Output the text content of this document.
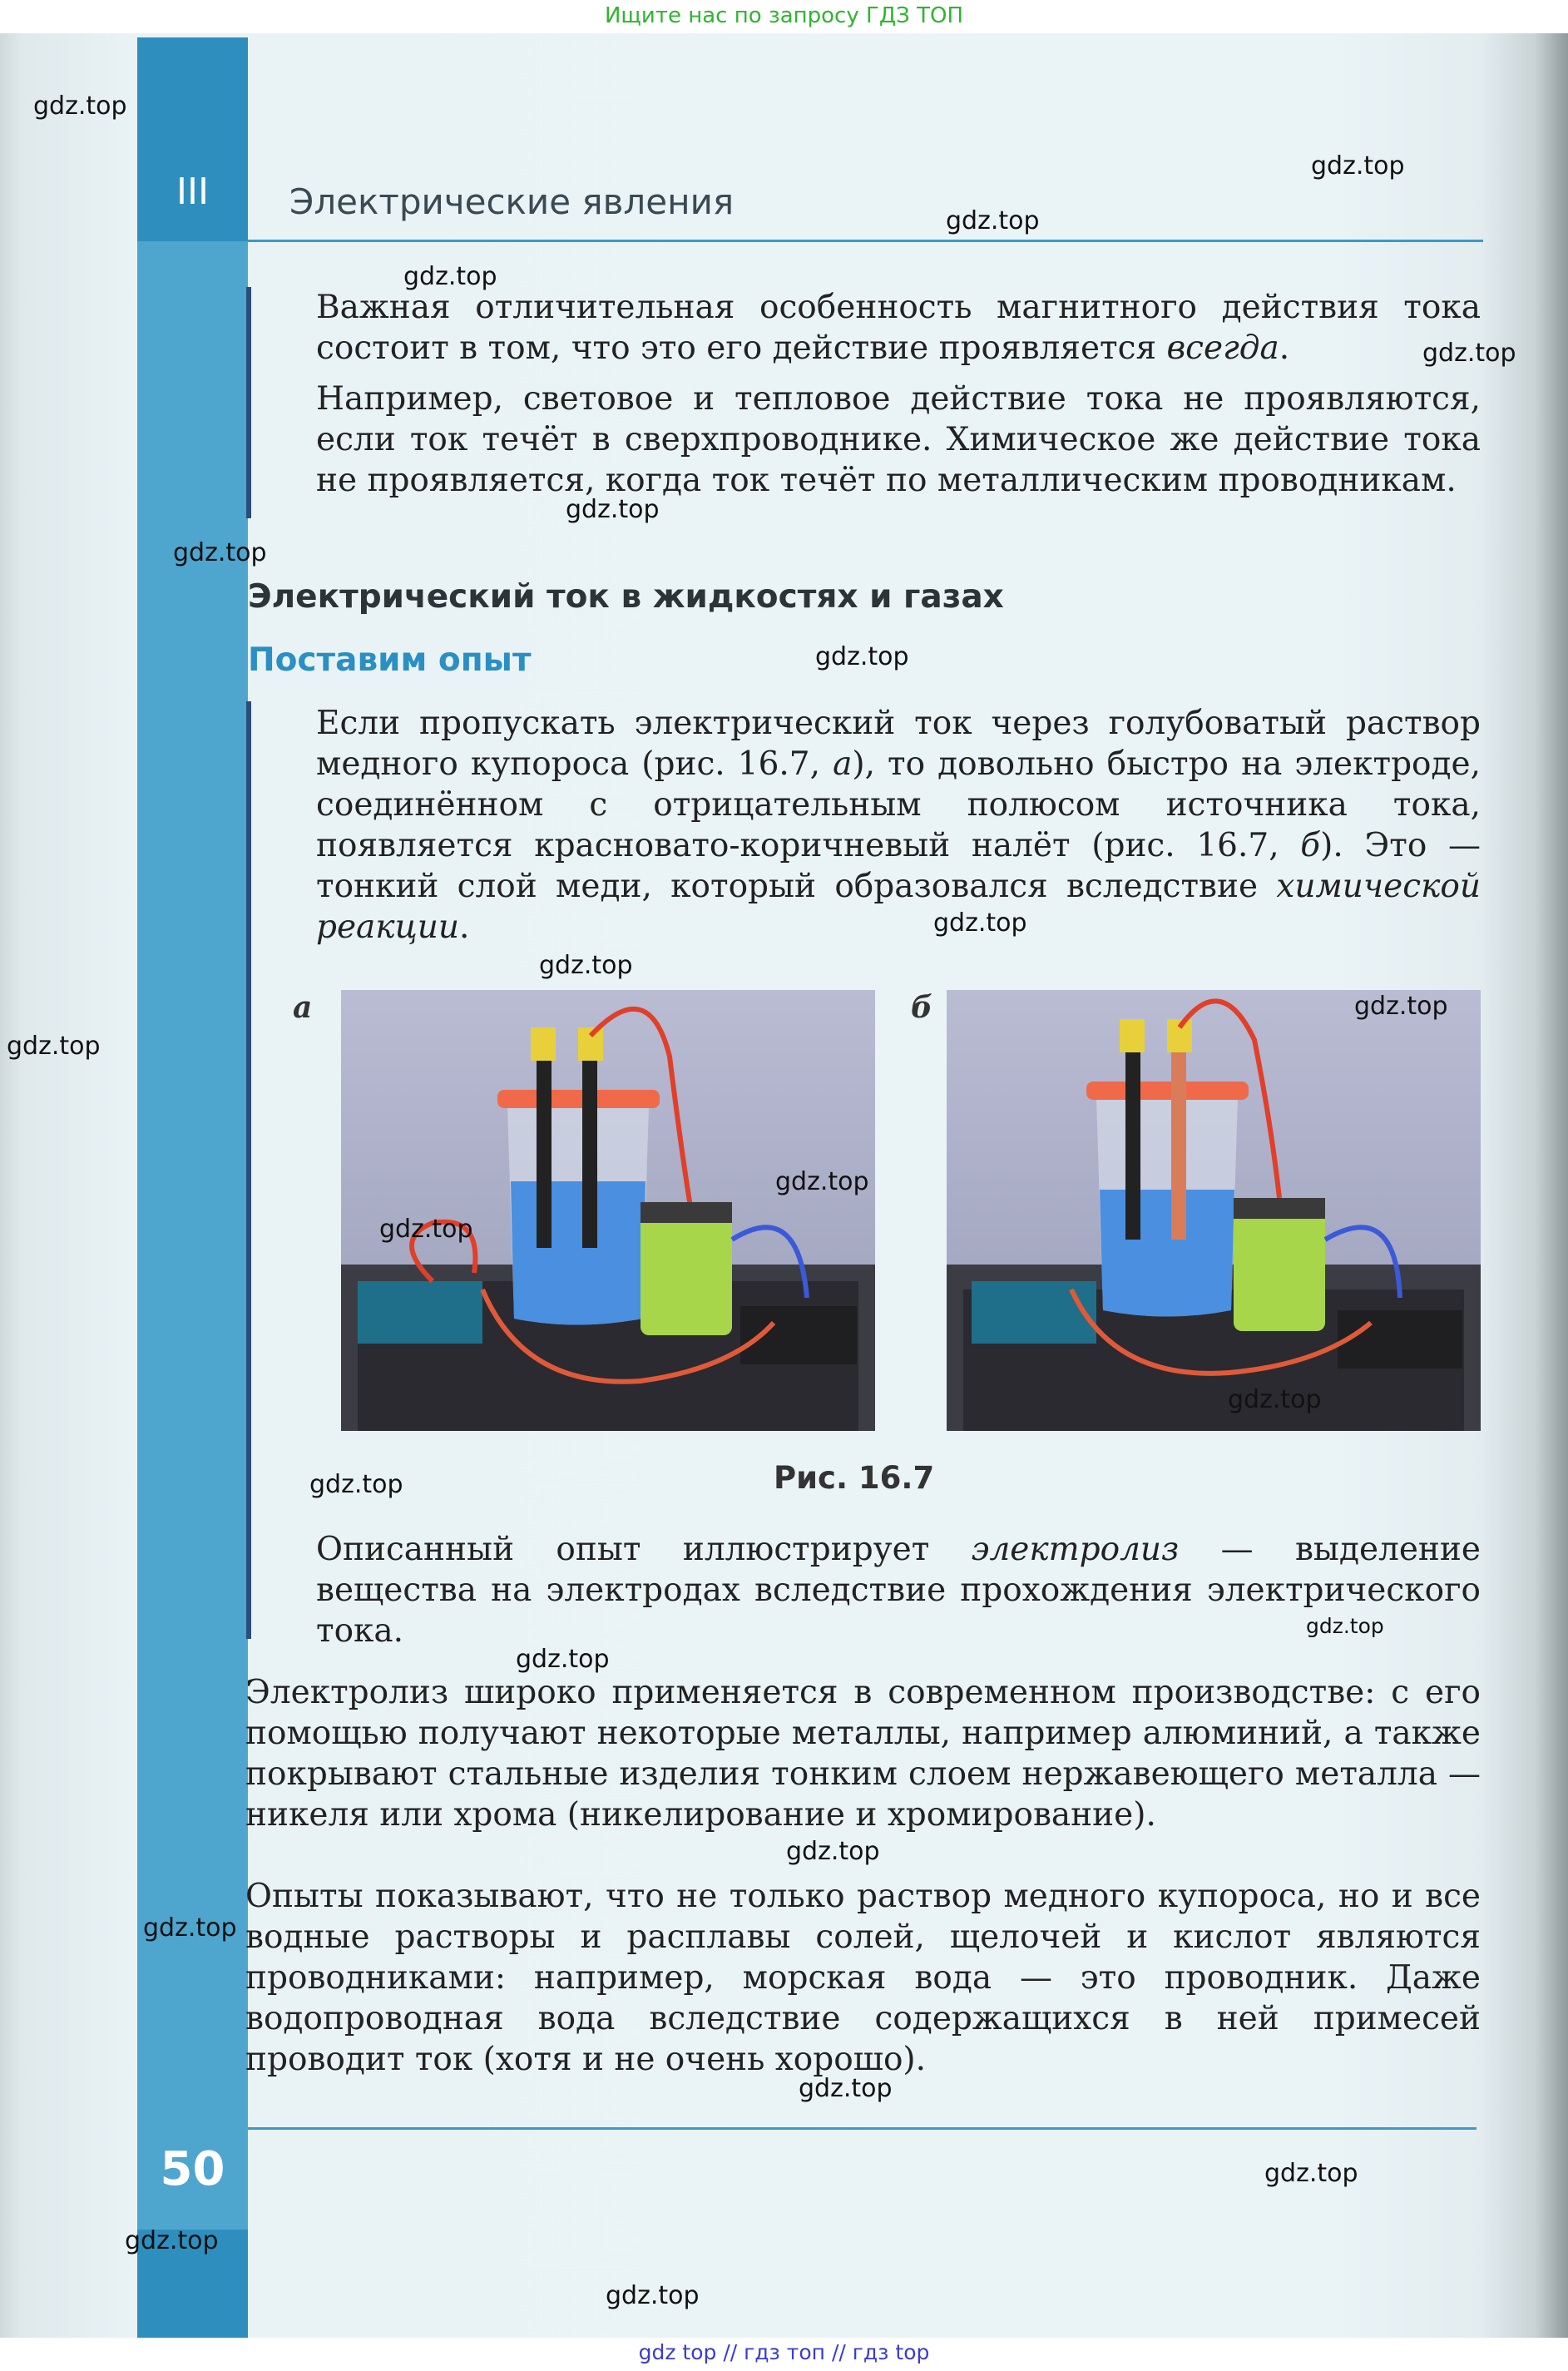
Ищите нас по запросу ГДЗ ТОП
III	Электрические явления

Важная отличительная особенность магнитного действия тока состоит в том, что это его действие проявляется всегда.

Например, световое и тепловое действие тока не проявляются, если ток течёт в сверхпроводнике. Химическое же действие тока не проявляется, когда ток течёт по металлическим проводникам.

Электрический ток в жидкостях и газах
Поставим опыт

Если пропускать электрический ток через голубоватый раствор медного купороса (рис. 16.7, а), то довольно быстро на электроде, соединённом с отрицательным полюсом источника тока, появляется красновато-коричневый налёт (рис. 16.7, б). Это — тонкий слой меди, который образовался вследствие химической реакции.

а	б
Рис. 16.7

Описанный опыт иллюстрирует электролиз — выделение вещества на электродах вследствие прохождения электрического тока.

Электролиз широко применяется в современном производстве: с его помощью получают некоторые металлы, например алюминий, а также покрывают стальные изделия тонким слоем нержавеющего металла — никеля или хрома (никелирование и хромирование).

Опыты показывают, что не только раствор медного купороса, но и все водные растворы и расплавы солей, щелочей и кислот являются проводниками: например, морская вода — это проводник. Даже водопроводная вода вследствие содержащихся в ней примесей проводит ток (хотя и не очень хорошо).

50
gdz.top
gdz.top
gdz.top
gdz.top
gdz.top
gdz.top
gdz.top
gdz.top
gdz.top
gdz.top
gdz.top
gdz.top
gdz.top
gdz.top
gdz.top
gdz.top
gdz.top
gdz.top
gdz.top
gdz.top
gdz.top
gdz.top
gdz.top
gdz.top
gdz top // гдз топ // гдз top
